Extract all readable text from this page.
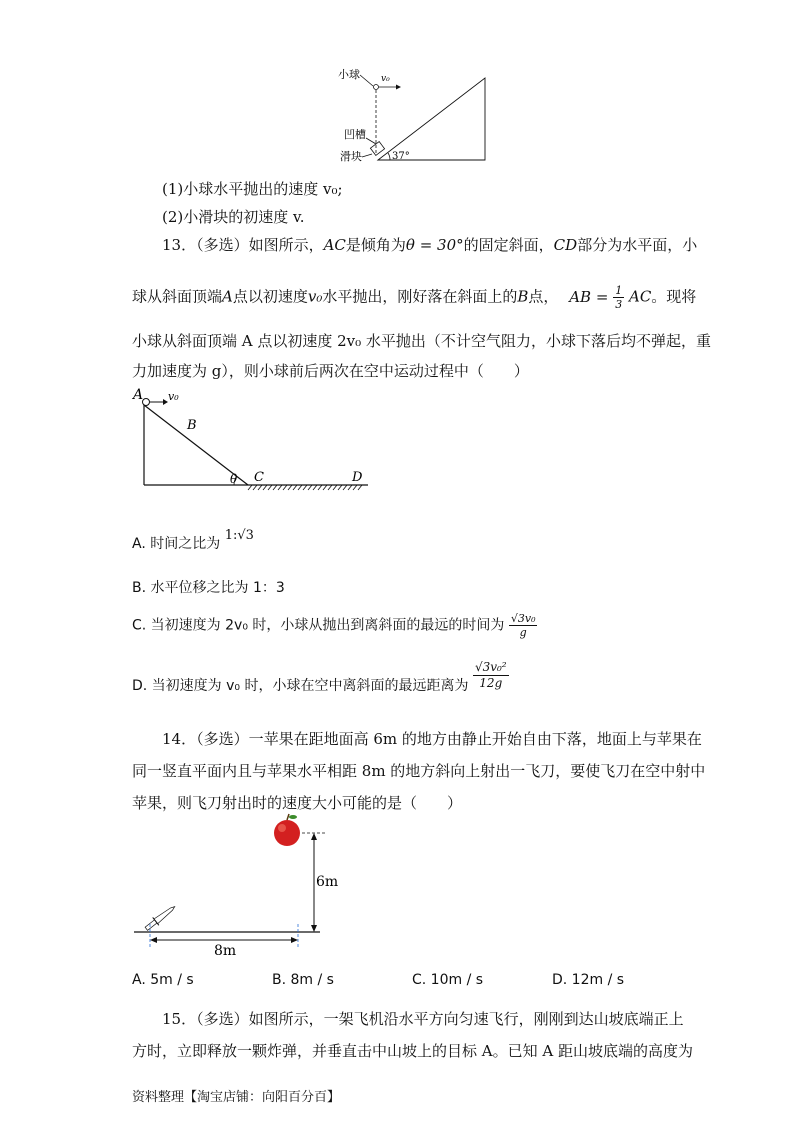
小球 v₀
凹槽
滑块	37°
(1)小球水平抛出的速度 v₀;
(2)小滑块的初速度 v.
13．（多选）如图所示，AC是倾角为θ = 30°的固定斜面，CD部分为水平面，小
球从斜面顶端A点以初速度v₀水平抛出，刚好落在斜面上的B点， AB = $\frac{1}{3}$ AC。现将
小球从斜面顶端 A 点以初速度 2v₀ 水平抛出（不计空气阻力，小球下落后均不弹起，重
力加速度为 g），则小球前后两次在空中运动过程中（　　）
A v₀
B
θ C	D
A. 时间之比为 1:√3
B. 水平位移之比为 1：3
C. 当初速度为 2v₀ 时，小球从抛出到离斜面的最远的时间为 $\frac{\text{√3v₀}}{g}$
D. 当初速度为 v₀ 时，小球在空中离斜面的最远距离为 $\frac{\text{√3v₀²}}{12g}$
14．（多选）一苹果在距地面高 6m 的地方由静止开始自由下落，地面上与苹果在
同一竖直平面内且与苹果水平相距 8m 的地方斜向上射出一飞刀，要使飞刀在空中射中
苹果，则飞刀射出时的速度大小可能的是（　　）
6m
8m
A. 5m / s	B. 8m / s	C. 10m / s	D. 12m / s
15．（多选）如图所示，一架飞机沿水平方向匀速飞行，刚刚到达山坡底端正上
方时，立即释放一颗炸弹，并垂直击中山坡上的目标 A。已知 A 距山坡底端的高度为
资料整理【淘宝店铺：向阳百分百】
